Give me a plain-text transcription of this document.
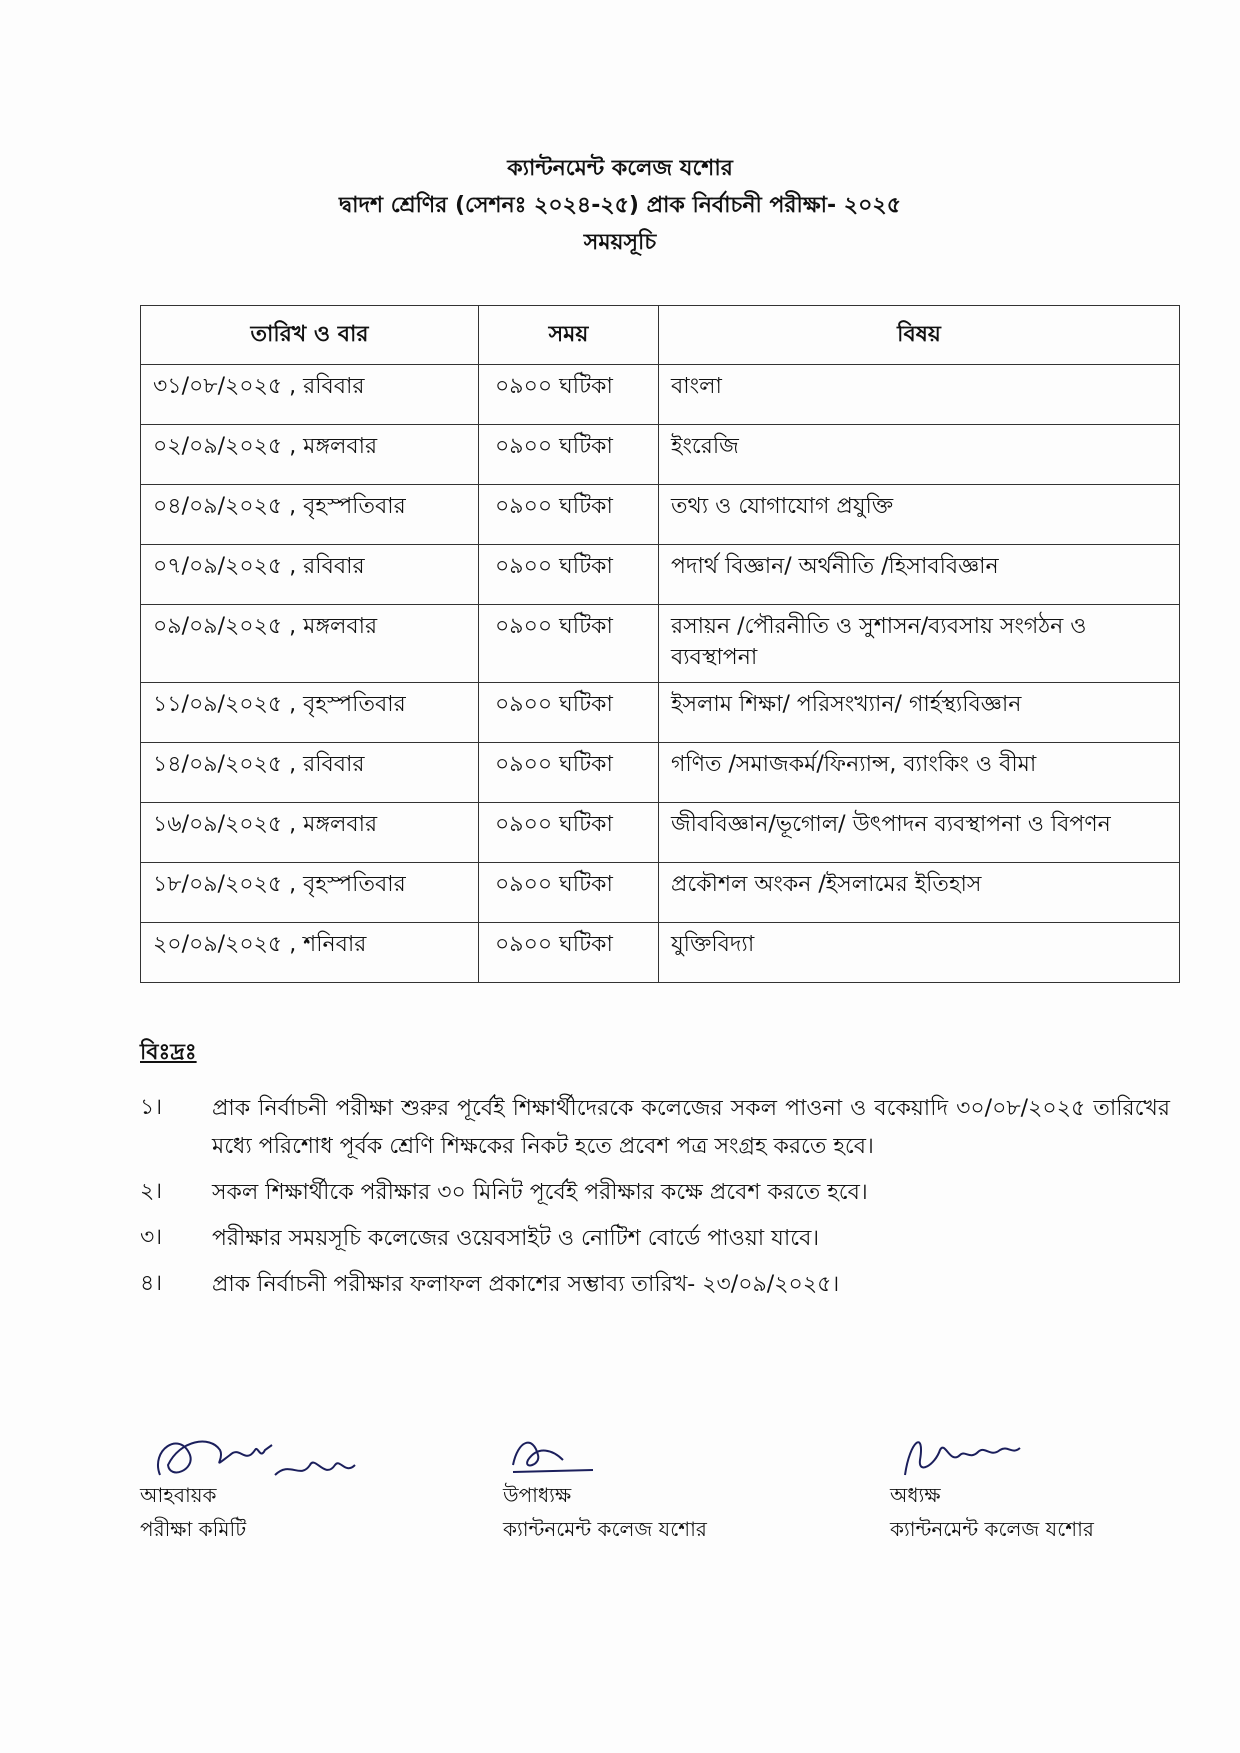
ক্যান্টনমেন্ট কলেজ যশোর
দ্বাদশ শ্রেণির (সেশনঃ ২০২৪-২৫) প্রাক নির্বাচনী পরীক্ষা- ২০২৫
সময়সূচি
তারিখ ও বার	সময়	বিষয়
৩১/০৮/২০২৫ , রবিবার	০৯০০ ঘটিকা	বাংলা
০২/০৯/২০২৫ , মঙ্গলবার	০৯০০ ঘটিকা	ইংরেজি
০৪/০৯/২০২৫ , বৃহস্পতিবার	০৯০০ ঘটিকা	তথ্য ও যোগাযোগ প্রযুক্তি
০৭/০৯/২০২৫ , রবিবার	০৯০০ ঘটিকা	পদার্থ বিজ্ঞান/ অর্থনীতি /হিসাববিজ্ঞান
০৯/০৯/২০২৫ , মঙ্গলবার	০৯০০ ঘটিকা	রসায়ন /পৌরনীতি ও সুশাসন/ব্যবসায় সংগঠন ও ব্যবস্থাপনা
১১/০৯/২০২৫ , বৃহস্পতিবার	০৯০০ ঘটিকা	ইসলাম শিক্ষা/ পরিসংখ্যান/ গার্হস্থ্যবিজ্ঞান
১৪/০৯/২০২৫ , রবিবার	০৯০০ ঘটিকা	গণিত /সমাজকর্ম/ফিন্যান্স, ব্যাংকিং ও বীমা
১৬/০৯/২০২৫ , মঙ্গলবার	০৯০০ ঘটিকা	জীববিজ্ঞান/ভূগোল/ উৎপাদন ব্যবস্থাপনা ও বিপণন
১৮/০৯/২০২৫ , বৃহস্পতিবার	০৯০০ ঘটিকা	প্রকৌশল অংকন /ইসলামের ইতিহাস
২০/০৯/২০২৫ , শনিবার	০৯০০ ঘটিকা	যুক্তিবিদ্যা
বিঃদ্রঃ
১।	প্রাক নির্বাচনী পরীক্ষা শুরুর পূর্বেই শিক্ষার্থীদেরকে কলেজের সকল পাওনা ও বকেয়াদি ৩০/০৮/২০২৫ তারিখের মধ্যে পরিশোধ পূর্বক শ্রেণি শিক্ষকের নিকট হতে প্রবেশ পত্র সংগ্রহ করতে হবে।
২।	সকল শিক্ষার্থীকে পরীক্ষার ৩০ মিনিট পূর্বেই পরীক্ষার কক্ষে প্রবেশ করতে হবে।
৩।	পরীক্ষার সময়সূচি কলেজের ওয়েবসাইট ও নোটিশ বোর্ডে পাওয়া যাবে।
৪।	প্রাক নির্বাচনী পরীক্ষার ফলাফল প্রকাশের সম্ভাব্য তারিখ- ২৩/০৯/২০২৫।
আহবায়ক
পরীক্ষা কমিটি
উপাধ্যক্ষ
ক্যান্টনমেন্ট কলেজ যশোর
অধ্যক্ষ
ক্যান্টনমেন্ট কলেজ যশোর
